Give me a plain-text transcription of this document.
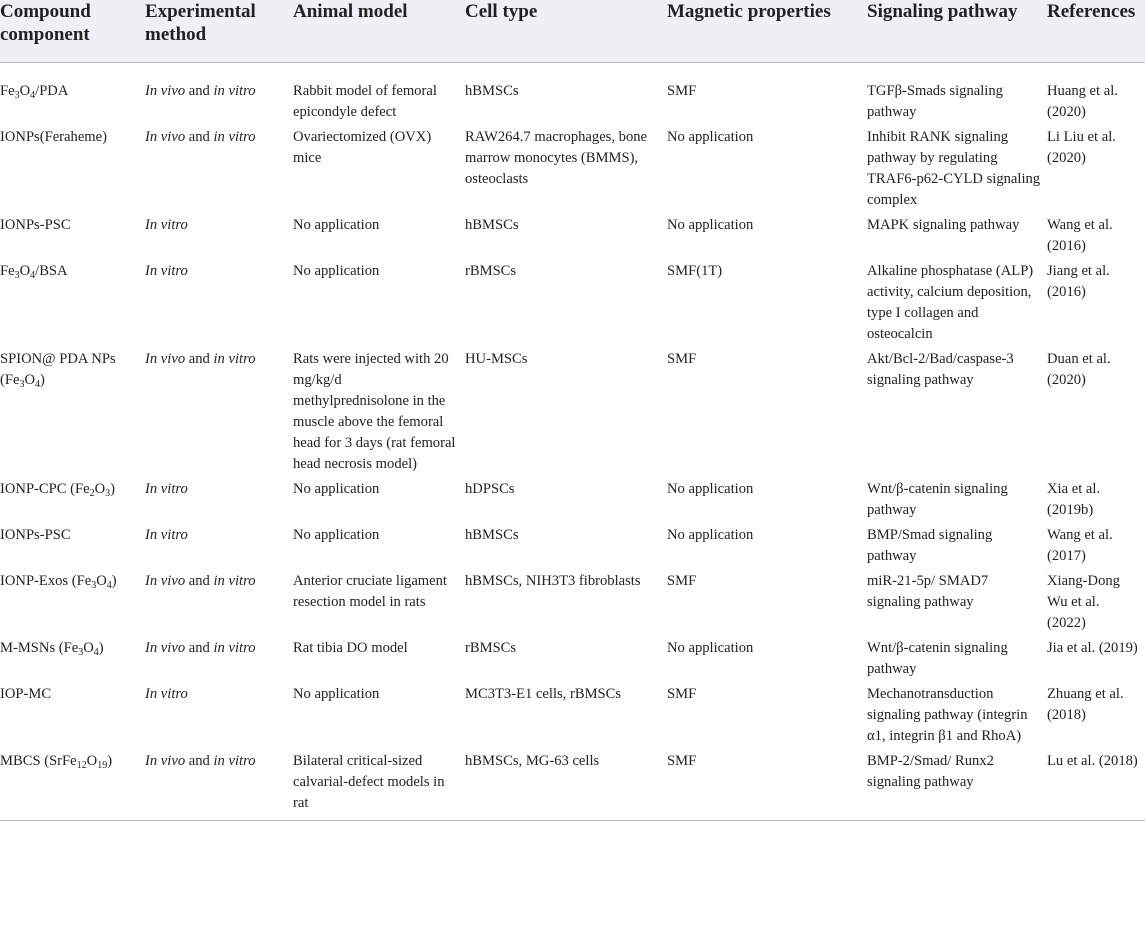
Compound component	Experimental method	Animal model	Cell type	Magnetic properties	Signaling pathway	References
$Fe_3O_4$/PDA	In vivo and in vitro	Rabbit model of femoral epicondyle defect	hBMSCs	SMF	TGFβ-Smads signaling pathway	Huang et al. (2020)
IONPs(Feraheme)	In vivo and in vitro	Ovariectomized (OVX) mice	RAW264.7 macrophages, bone marrow monocytes (BMMS), osteoclasts	No application	Inhibit RANK signaling pathway by regulating TRAF6-p62-CYLD signaling complex	Li Liu et al. (2020)
IONPs-PSC	In vitro	No application	hBMSCs	No application	MAPK signaling pathway	Wang et al. (2016)
$Fe_3O_4$/BSA	In vitro	No application	rBMSCs	SMF(1T)	Alkaline phosphatase (ALP) activity, calcium deposition, type I collagen and osteocalcin	Jiang et al. (2016)
SPION@ PDA NPs $(Fe_3O_4)$	In vivo and in vitro	Rats were injected with 20 mg/kg/d methylprednisolone in the muscle above the femoral head for 3 days (rat femoral head necrosis model)	HU-MSCs	SMF	Akt/Bcl-2/Bad/caspase-3 signaling pathway	Duan et al. (2020)
IONP-CPC $(Fe_2O_3)$	In vitro	No application	hDPSCs	No application	Wnt/β-catenin signaling pathway	Xia et al. (2019b)
IONPs-PSC	In vitro	No application	hBMSCs	No application	BMP/Smad signaling pathway	Wang et al. (2017)
IONP-Exos $(Fe_3O_4)$	In vivo and in vitro	Anterior cruciate ligament resection model in rats	hBMSCs, NIH3T3 fibroblasts	SMF	miR-21-5p/ SMAD7 signaling pathway	Xiang-Dong Wu et al. (2022)
M-MSNs $(Fe_3O_4)$	In vivo and in vitro	Rat tibia DO model	rBMSCs	No application	Wnt/β-catenin signaling pathway	Jia et al. (2019)
IOP-MC	In vitro	No application	MC3T3-E1 cells, rBMSCs	SMF	Mechanotransduction signaling pathway (integrin α1, integrin β1 and RhoA)	Zhuang et al. (2018)
MBCS $(SrFe_{12}O_{19})$	In vivo and in vitro	Bilateral critical-sized calvarial-defect models in rat	hBMSCs, MG-63 cells	SMF	BMP-2/Smad/ Runx2 signaling pathway	Lu et al. (2018)
